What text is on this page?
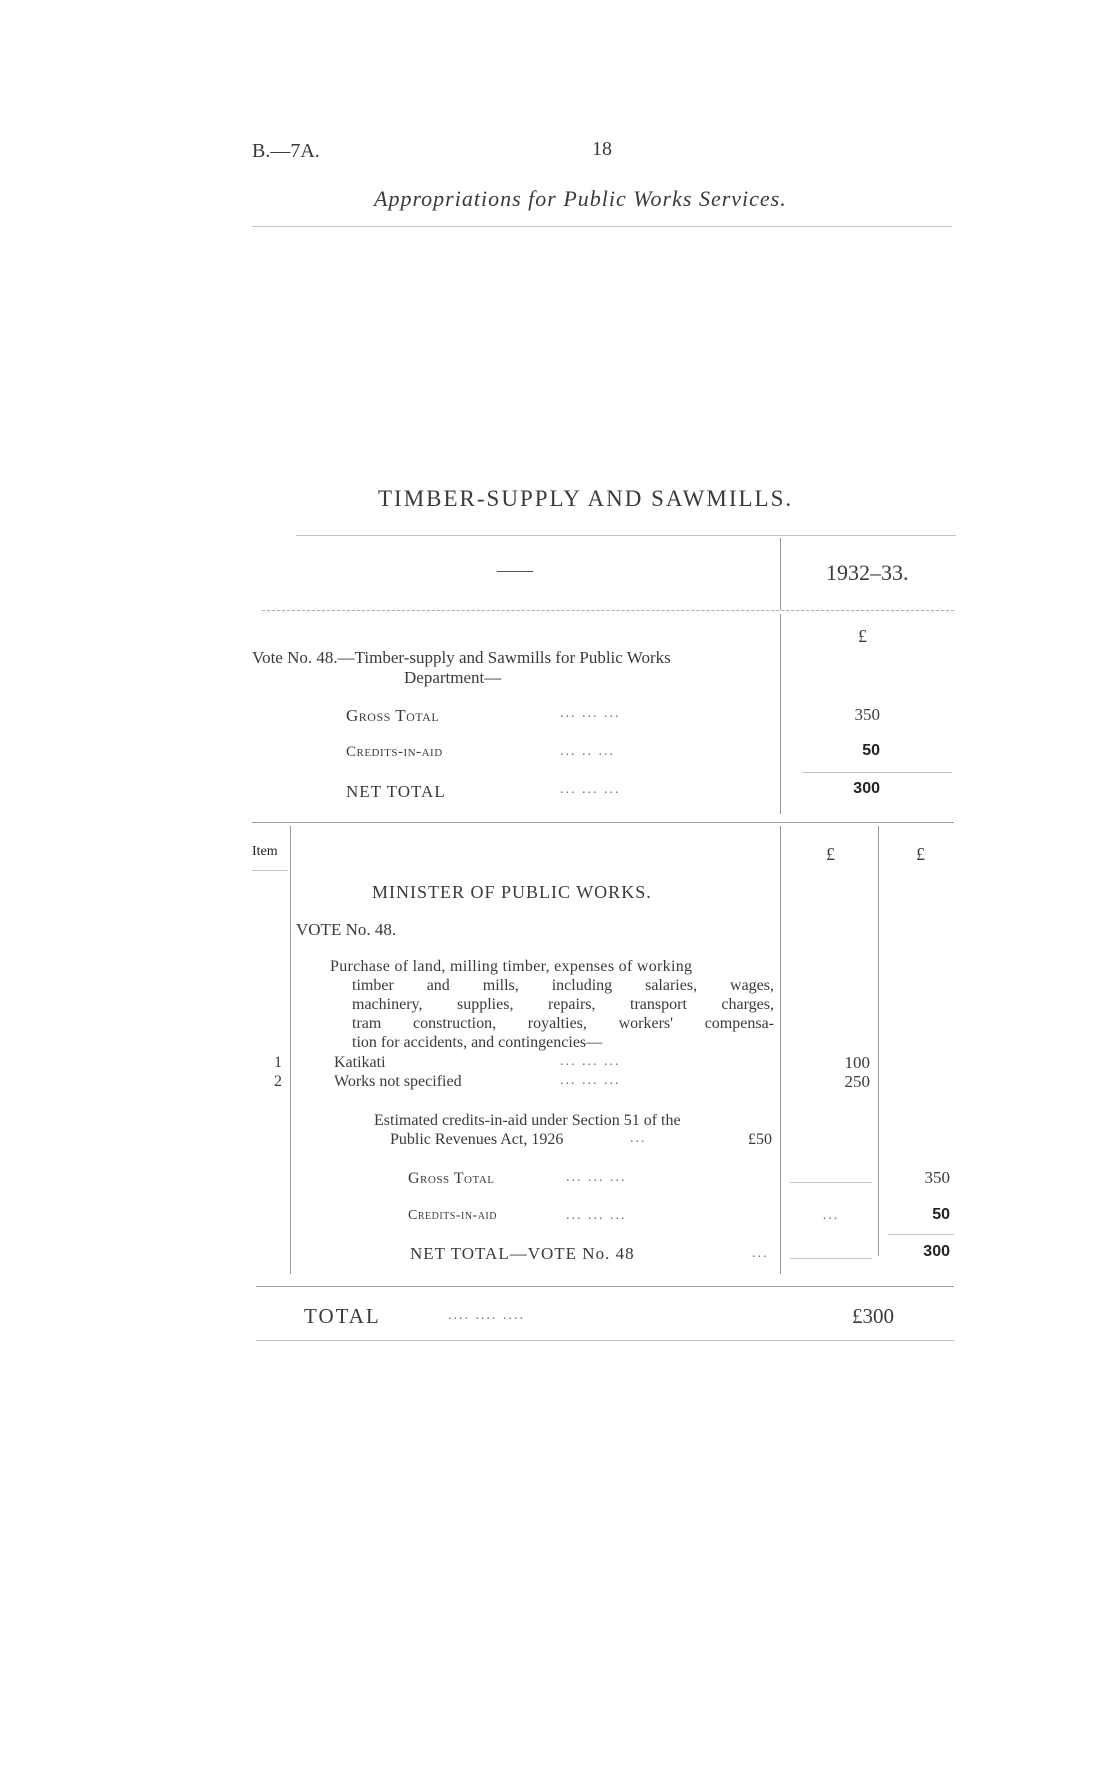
B.—7A.	18
Appropriations for Public Works Services.
TIMBER-SUPPLY AND SAWMILLS.
——	1932–33.
£
Vote No. 48.—Timber-supply and Sawmills for Public Works
Department—
Gross Total	... ... ...	350
Credits-in-aid	... .. ...	50
NET TOTAL	... ... ...	300
Item	£	£
MINISTER OF PUBLIC WORKS.
VOTE No. 48.
Purchase of land, milling timber, expenses of working
timber and mills, including salaries, wages,
machinery, supplies, repairs, transport charges,
tram construction, royalties, workers' compensa-
tion for accidents, and contingencies—
1	Katikati	... ... ...	100
2	Works not specified	... ... ...	250
Estimated credits-in-aid under Section 51 of the
Public Revenues Act, 1926	...	£50
Gross Total	... ... ...	350
Credits-in-aid	... ... ...	...	50
NET TOTAL—VOTE No. 48	...	300
TOTAL	.... .... ....	£300
